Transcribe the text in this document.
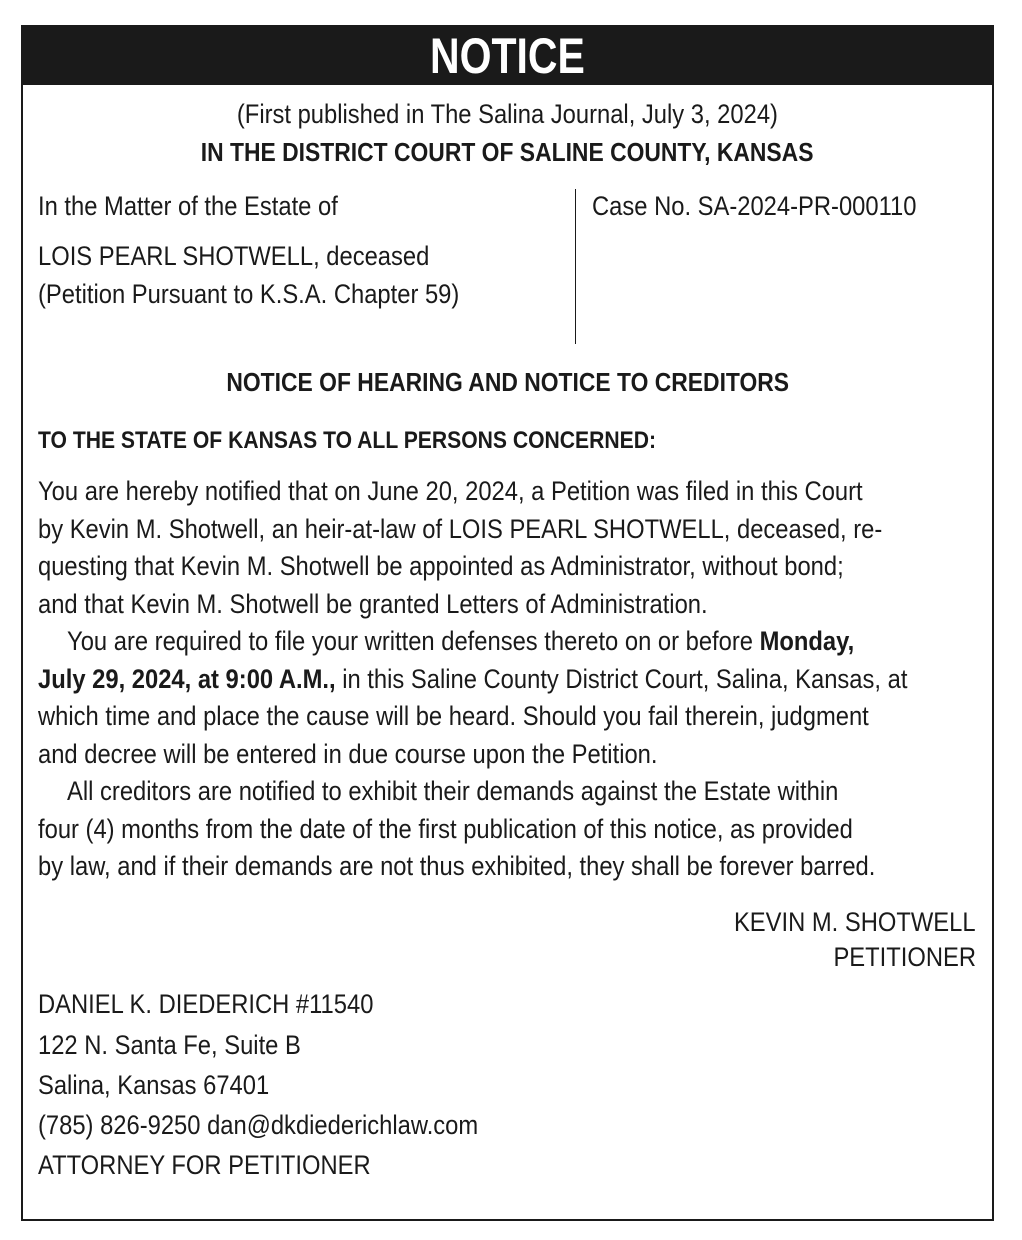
NOTICE
(First published in The Salina Journal, July 3, 2024)
IN THE DISTRICT COURT OF SALINE COUNTY, KANSAS
In the Matter of the Estate of
LOIS PEARL SHOTWELL, deceased
(Petition Pursuant to K.S.A. Chapter 59)
Case No. SA-2024-PR-000110
NOTICE OF HEARING AND NOTICE TO CREDITORS
TO THE STATE OF KANSAS TO ALL PERSONS CONCERNED:
You are hereby notified that on June 20, 2024, a Petition was filed in this Court
by Kevin M. Shotwell, an heir-at-law of LOIS PEARL SHOTWELL, deceased, re-
questing that Kevin M. Shotwell be appointed as Administrator, without bond;
and that Kevin M. Shotwell be granted Letters of Administration.
You are required to file your written defenses thereto on or before Monday,
July 29, 2024, at 9:00 A.M., in this Saline County District Court, Salina, Kansas, at
which time and place the cause will be heard. Should you fail therein, judgment
and decree will be entered in due course upon the Petition.
All creditors are notified to exhibit their demands against the Estate within
four (4) months from the date of the first publication of this notice, as provided
by law, and if their demands are not thus exhibited, they shall be forever barred.
KEVIN M. SHOTWELL
PETITIONER
DANIEL K. DIEDERICH #11540
122 N. Santa Fe, Suite B
Salina, Kansas 67401
(785) 826-9250 dan@dkdiederichlaw.com
ATTORNEY FOR PETITIONER
